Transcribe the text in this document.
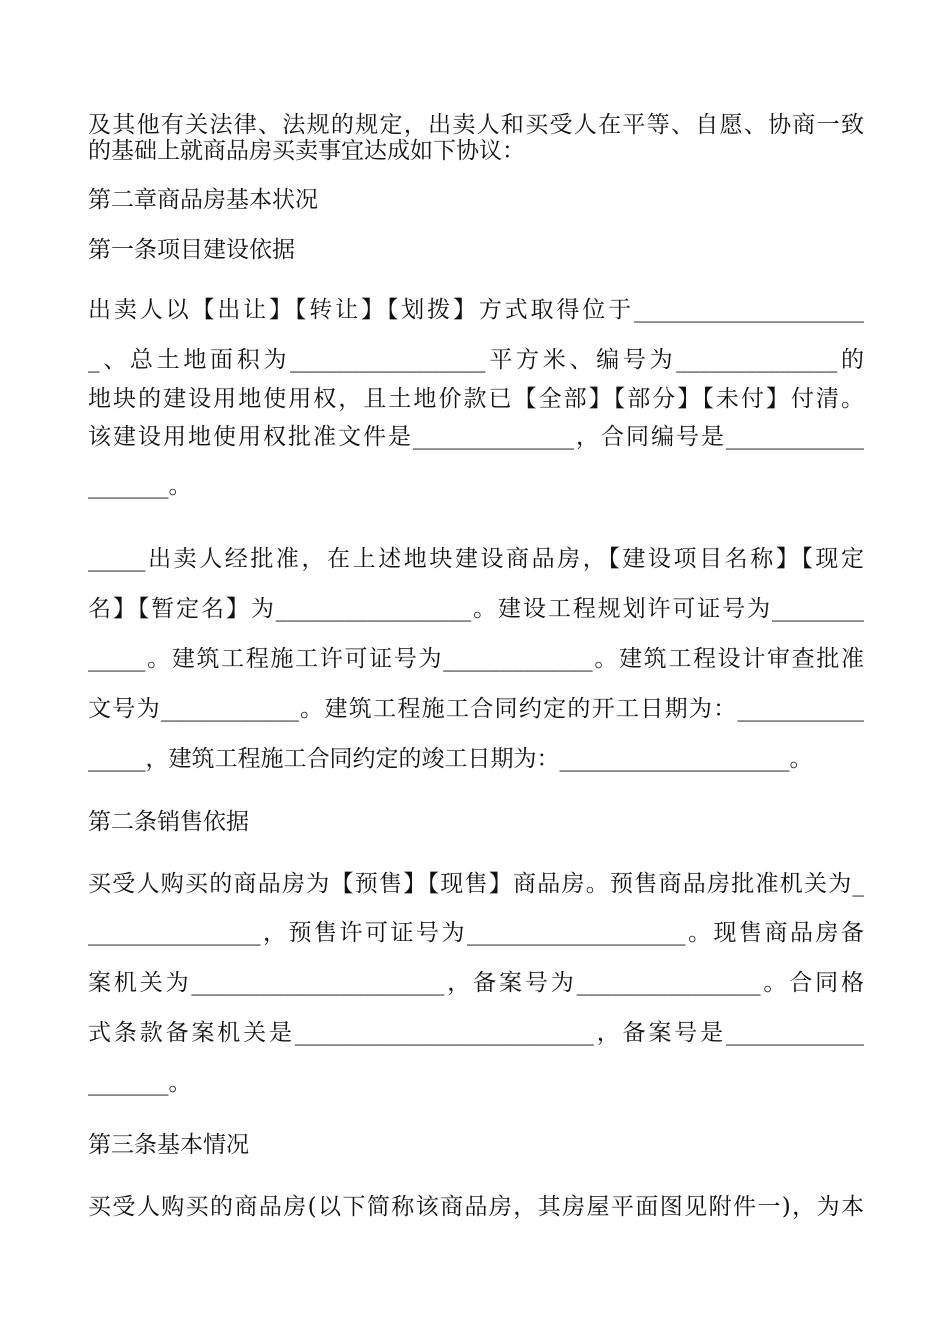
及其他有关法律、法规的规定，出卖人和买受人在平等、自愿、协商一致
的基础上就商品房买卖事宜达成如下协议：
第二章商品房基本状况
第一条项目建设依据
出卖人以【出让】【转让】【划拨】方式取得位于____________________
_、总土地面积为_________________平方米、编号为______________的
地块的建设用地使用权，且土地价款已【全部】【部分】【未付】付清。
该建设用地使用权批准文件是______________，合同编号是____________
_______。
_____出卖人经批准，在上述地块建设商品房，【建设项目名称】【现定
名】【暂定名】为_________________。建设工程规划许可证号为________
_____。建筑工程施工许可证号为_____________。建筑工程设计审查批准
文号为____________。建筑工程施工合同约定的开工日期为：___________
_____，建筑工程施工合同约定的竣工日期为：____________________。
第二条销售依据
买受人购买的商品房为【预售】【现售】商品房。预售商品房批准机关为_
_______________，预售许可证号为___________________。现售商品房备
案机关为______________________，备案号为________________。合同格
式条款备案机关是__________________________，备案号是____________
_______。
第三条基本情况
买受人购买的商品房(以下简称该商品房，其房屋平面图见附件一)，为本
